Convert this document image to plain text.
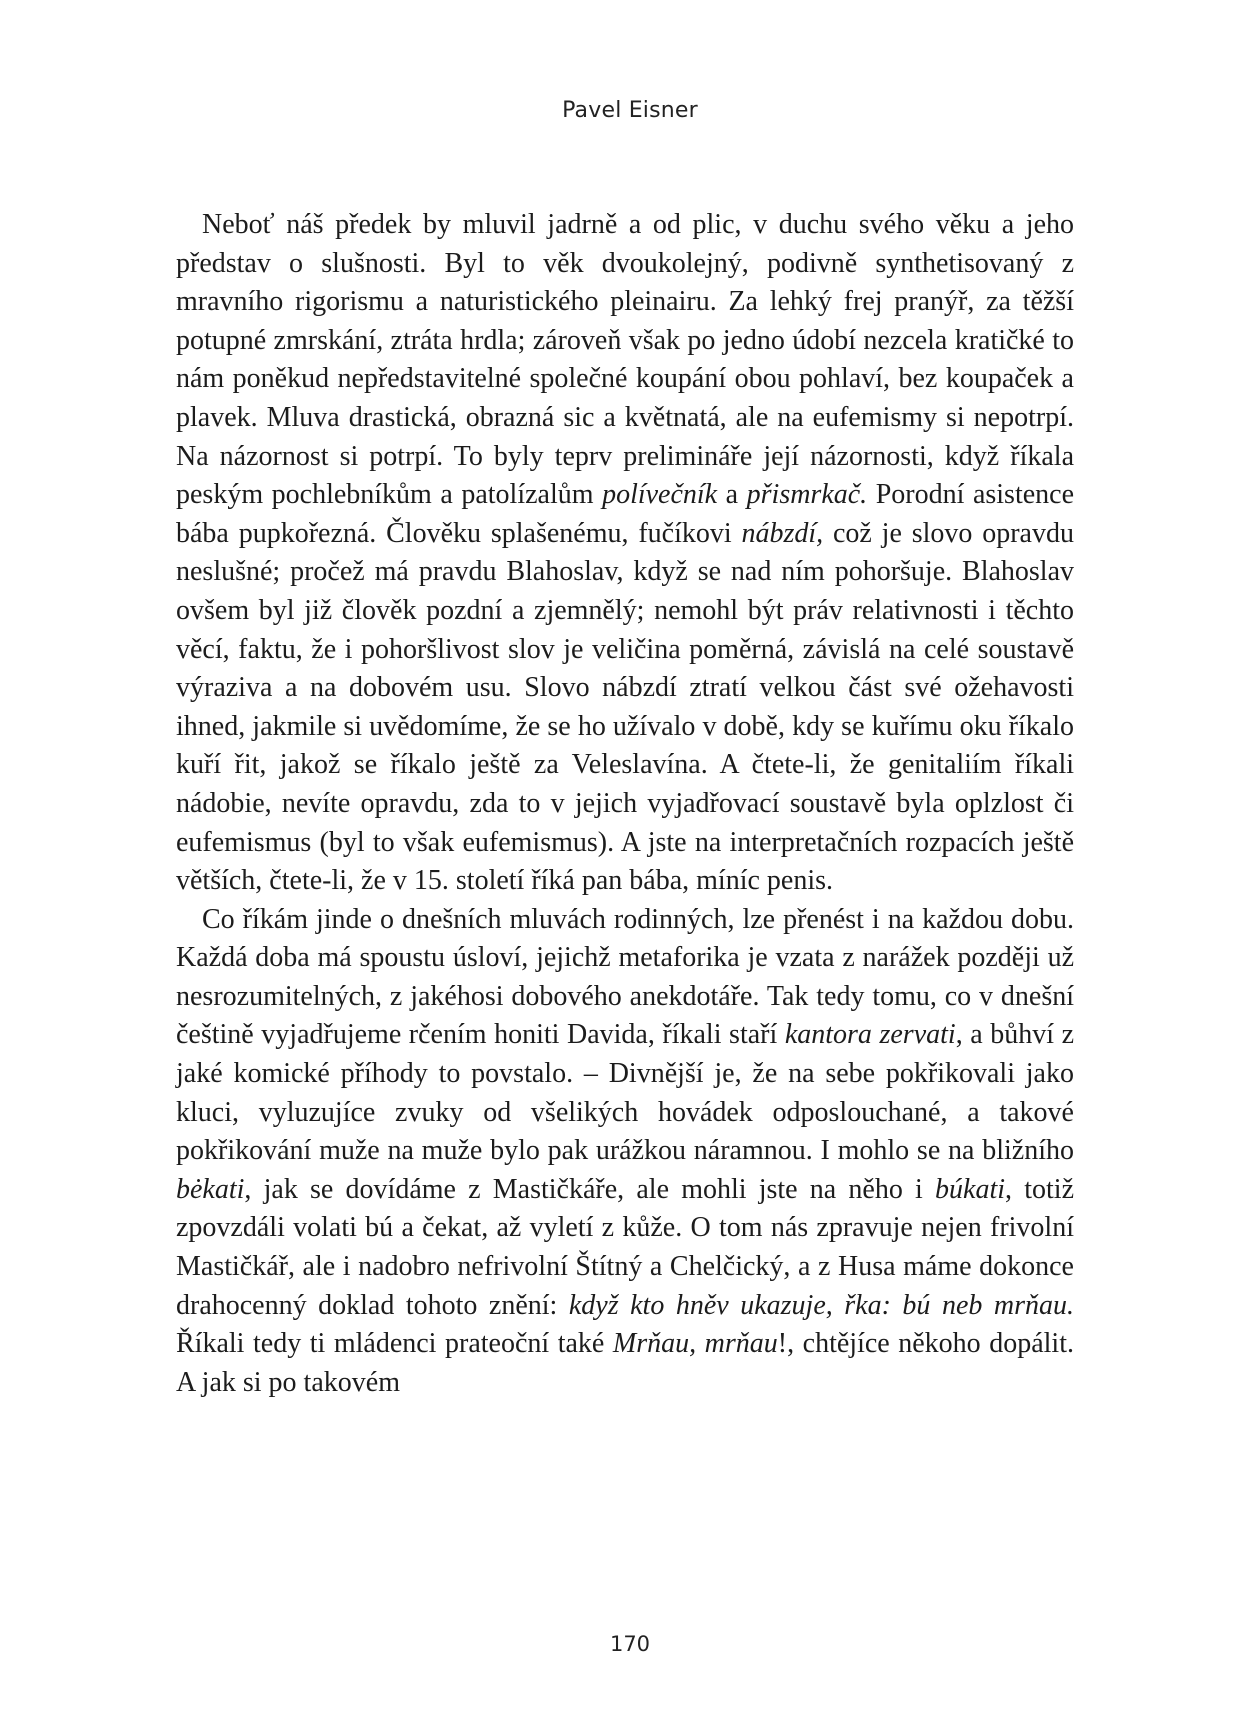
Pavel Eisner

Neboť náš předek by mluvil jadrně a od plic, v duchu svého věku a jeho představ o slušnosti. Byl to věk dvoukolejný, podivně synthetisovaný z mravního rigorismu a naturistického pleinairu. Za lehký frej pranýř, za těžší potupné zmrskání, ztráta hrdla; zároveň však po jedno údobí nezcela kratičké to nám poněkud nepředstavitelné společné koupání obou pohlaví, bez koupaček a plavek. Mluva drastická, obrazná sic a květnatá, ale na eufemismy si nepotrpí. Na názornost si potrpí. To byly teprv preliminářе její názornosti, když říkala peským pochlebníkům a patolízalům polívečník a přismrkač. Porodní asistence bába pupkořezná. Člověku splašenému, fučíkovi nábzdí, což je slovo opravdu neslušné; pročež má pravdu Blahoslav, když se nad ním pohoršuje. Blahoslav ovšem byl již člověk pozdní a zjemnělý; nemohl být práv relativnosti i těchto věcí, faktu, že i pohoršlivost slov je veličina poměrná, závislá na celé soustavě výraziva a na dobovém usu. Slovo nábzdí ztratí velkou část své ožehavosti ihned, jakmile si uvědomíme, že se ho užívalo v době, kdy se kuřímu oku říkalo kuří řit, jakož se říkalo ještě za Veleslavína. A čtete-li, že genitaliím říkali nádobie, nevíte opravdu, zda to v jejich vyjadřovací soustavě byla oplzlost či eufemismus (byl to však eufemismus). A jste na interpretačních rozpacích ještě větších, čtete-li, že v 15. století říká pan bába, míníc penis.

Co říkám jinde o dnešních mluvách rodinných, lze přenést i na každou dobu. Každá doba má spoustu úsloví, jejichž metaforika je vzata z narážek později už nesrozumitelných, z jakéhosi dobového anekdotáře. Tak tedy tomu, co v dnešní češtině vyjadřujeme rčením honiti Davida, říkali staří kantora zervati, a bůhví z jaké komické příhody to povstalo. – Divnější je, že na sebe pokřikovali jako kluci, vyluzujíce zvuky od všelikých hovádek odposlouchané, a takové pokřikování muže na muže bylo pak urážkou náramnou. I mohlo se na bližního bėkati, jak se dovídáme z Mastičkáře, ale mohli jste na něho i búkati, totiž zpovzdáli volati bú a čekat, až vyletí z kůže. O tom nás zpravuje nejen frivolní Mastičkář, ale i nadobro nefrivolní Štítný a Chelčický, a z Husa máme dokonce drahocenný doklad tohoto znění: když kto hněv ukazuje, řka: bú neb mrňau. Říkali tedy ti mládenci prateoční také Mrňau, mrňau!, chtějíce někoho dopálit. A jak si po takovém

170
